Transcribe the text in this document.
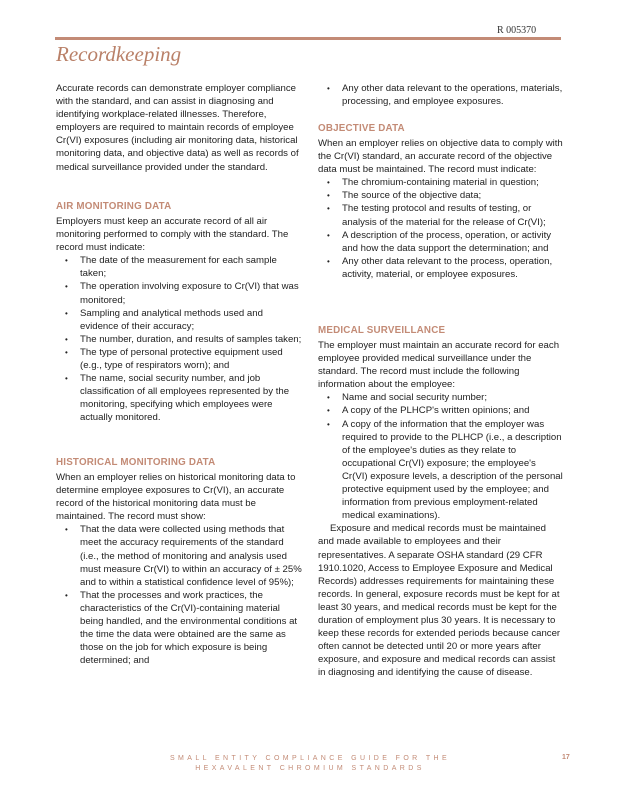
R 005370
Recordkeeping

Accurate records can demonstrate employer compliance with the standard, and can assist in diagnosing and identifying workplace-related illnesses. Therefore, employers are required to maintain records of employee Cr(VI) exposures (including air monitoring data, historical monitoring data, and objective data) as well as records of medical surveillance provided under the standard.

AIR MONITORING DATA

Employers must keep an accurate record of all air monitoring performed to comply with the standard. The record must indicate:

• The date of the measurement for each sample taken;
• The operation involving exposure to Cr(VI) that was monitored;
• Sampling and analytical methods used and evidence of their accuracy;
• The number, duration, and results of samples taken;
• The type of personal protective equipment used (e.g., type of respirators worn); and
• The name, social security number, and job classification of all employees represented by the monitoring, specifying which employees were actually monitored.
HISTORICAL MONITORING DATA

When an employer relies on historical monitoring data to determine employee exposures to Cr(VI), an accurate record of the historical monitoring data must be maintained. The record must show:

• That the data were collected using methods that meet the accuracy requirements of the standard (i.e., the method of monitoring and analysis used must measure Cr(VI) to within an accuracy of ± 25% and to within a statistical confidence level of 95%);
• That the processes and work practices, the characteristics of the Cr(VI)-containing material being handled, and the environmental conditions at the time the data were obtained are the same as those on the job for which exposure is being determined; and
• Any other data relevant to the operations, materials, processing, and employee exposures.
OBJECTIVE DATA

When an employer relies on objective data to comply with the Cr(VI) standard, an accurate record of the objective data must be maintained. The record must indicate:

• The chromium-containing material in question;
• The source of the objective data;
• The testing protocol and results of testing, or analysis of the material for the release of Cr(VI);
• A description of the process, operation, or activity and how the data support the determination; and
• Any other data relevant to the process, operation, activity, material, or employee exposures.
MEDICAL SURVEILLANCE

The employer must maintain an accurate record for each employee provided medical surveillance under the standard. The record must include the following information about the employee:

• Name and social security number;
• A copy of the PLHCP's written opinions; and
• A copy of the information that the employer was required to provide to the PLHCP (i.e., a description of the employee's duties as they relate to occupational Cr(VI) exposure; the employee's Cr(VI) exposure levels, a description of the personal protective equipment used by the employee; and information from previous employment-related medical examinations).

Exposure and medical records must be maintained and made available to employees and their representatives. A separate OSHA standard (29 CFR 1910.1020, Access to Employee Exposure and Medical Records) addresses requirements for maintaining these records. In general, exposure records must be kept for at least 30 years, and medical records must be kept for the duration of employment plus 30 years. It is necessary to keep these records for extended periods because cancer often cannot be detected until 20 or more years after exposure, and exposure and medical records can assist in diagnosing and identifying the cause of disease.

SMALL ENTITY COMPLIANCE GUIDE FOR THE
HEXAVALENT CHROMIUM STANDARDS
17
